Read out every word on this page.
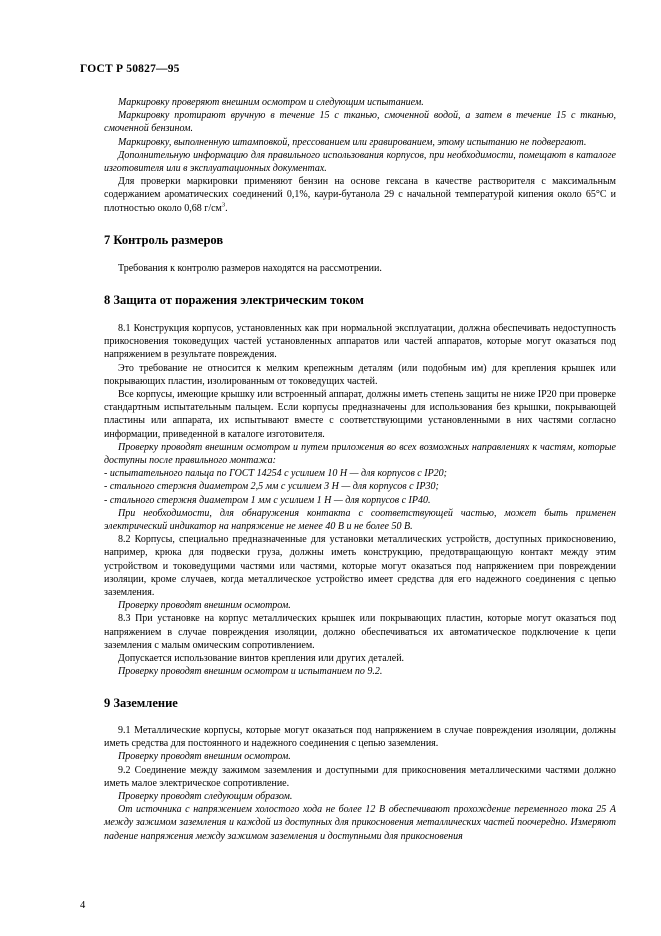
ГОСТ Р 50827—95

Маркировку проверяют внешним осмотром и следующим испытанием.

Маркировку протирают вручную в течение 15 с тканью, смоченной водой, а затем в течение 15 с тканью, смоченной бензином.

Маркировку, выполненную штамповкой, прессованием или гравированием, этому испытанию не подвергают.

Дополнительную информацию для правильного использования корпусов, при необходимости, помещают в каталоге изготовителя или в эксплуатационных документах.

Для проверки маркировки применяют бензин на основе гексана в качестве растворителя с максимальным содержанием ароматических соединений 0,1%, каури-бутанола 29 с начальной температурой кипения около 65°С и плотностью около 0,68 $г/см^3$.

7 Контроль размеров

Требования к контролю размеров находятся на рассмотрении.

8 Защита от поражения электрическим током

8.1 Конструкция корпусов, установленных как при нормальной эксплуатации, должна обеспечивать недоступность прикосновения токоведущих частей установленных аппаратов или частей аппаратов, которые могут оказаться под напряжением в результате повреждения.

Это требование не относится к мелким крепежным деталям (или подобным им) для крепления крышек или покрывающих пластин, изолированным от токоведущих частей.

Все корпусы, имеющие крышку или встроенный аппарат, должны иметь степень защиты не ниже IP20 при проверке стандартным испытательным пальцем. Если корпусы предназначены для использования без крышки, покрывающей пластины или аппарата, их испытывают вместе с соответствующими установленными в них частями согласно информации, приведенной в каталоге изготовителя.

Проверку проводят внешним осмотром и путем приложения во всех возможных направлениях к частям, которые доступны после правильного монтажа:

- испытательного пальца по ГОСТ 14254 с усилием 10 Н — для корпусов с IP20;

- стального стержня диаметром 2,5 мм с усилием 3 Н — для корпусов с IP30;

- стального стержня диаметром 1 мм с усилием 1 Н — для корпусов с IP40.

При необходимости, для обнаружения контакта с соответствующей частью, может быть применен электрический индикатор на напряжение не менее 40 В и не более 50 В.

8.2 Корпусы, специально предназначенные для установки металлических устройств, доступных прикосновению, например, крюка для подвески груза, должны иметь конструкцию, предотвращающую контакт между этим устройством и токоведущими частями или частями, которые могут оказаться под напряжением при повреждении изоляции, кроме случаев, когда металлическое устройство имеет средства для его надежного соединения с цепью заземления.

Проверку проводят внешним осмотром.

8.3 При установке на корпус металлических крышек или покрывающих пластин, которые могут оказаться под напряжением в случае повреждения изоляции, должно обеспечиваться их автоматическое подключение к цепи заземления с малым омическим сопротивлением.

Допускается использование винтов крепления или других деталей.

Проверку проводят внешним осмотром и испытанием по 9.2.

9 Заземление

9.1 Металлические корпусы, которые могут оказаться под напряжением в случае повреждения изоляции, должны иметь средства для постоянного и надежного соединения с цепью заземления.

Проверку проводят внешним осмотром.

9.2 Соединение между зажимом заземления и доступными для прикосновения металлическими частями должно иметь малое электрическое сопротивление.

Проверку проводят следующим образом.

От источника с напряжением холостого хода не более 12 В обеспечивают прохождение переменного тока 25 А между зажимом заземления и каждой из доступных для прикосновения металлических частей поочередно. Измеряют падение напряжения между зажимом заземления и доступными для прикосновения

4
